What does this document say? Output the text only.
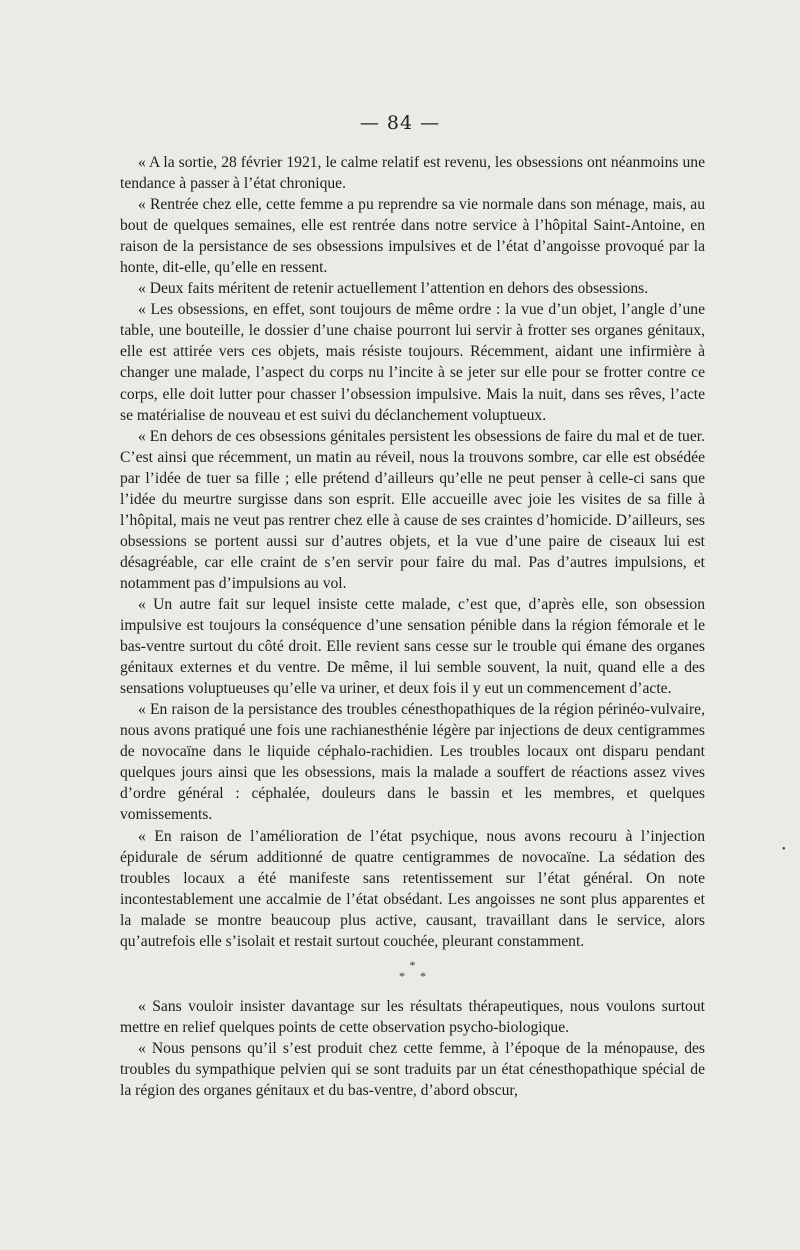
— 84 —

« A la sortie, 28 février 1921, le calme relatif est revenu, les obsessions ont néanmoins une tendance à passer à l’état chronique.

« Rentrée chez elle, cette femme a pu reprendre sa vie normale dans son ménage, mais, au bout de quelques semaines, elle est rentrée dans notre service à l’hôpital Saint-Antoine, en raison de la persistance de ses obsessions impulsives et de l’état d’angoisse provoqué par la honte, dit-elle, qu’elle en ressent.

« Deux faits méritent de retenir actuellement l’attention en dehors des obsessions.

« Les obsessions, en effet, sont toujours de même ordre : la vue d’un objet, l’angle d’une table, une bouteille, le dossier d’une chaise pourront lui servir à frotter ses organes génitaux, elle est attirée vers ces objets, mais résiste toujours. Récemment, aidant une infirmière à changer une malade, l’aspect du corps nu l’incite à se jeter sur elle pour se frotter contre ce corps, elle doit lutter pour chasser l’obsession impulsive. Mais la nuit, dans ses rêves, l’acte se matérialise de nouveau et est suivi du déclanchement voluptueux.

« En dehors de ces obsessions génitales persistent les obsessions de faire du mal et de tuer. C’est ainsi que récemment, un matin au réveil, nous la trouvons sombre, car elle est obsédée par l’idée de tuer sa fille ; elle prétend d’ailleurs qu’elle ne peut penser à celle-ci sans que l’idée du meurtre surgisse dans son esprit. Elle accueille avec joie les visites de sa fille à l’hôpital, mais ne veut pas rentrer chez elle à cause de ses craintes d’homicide. D’ailleurs, ses obsessions se portent aussi sur d’autres objets, et la vue d’une paire de ciseaux lui est désagréable, car elle craint de s’en servir pour faire du mal. Pas d’autres impulsions, et notamment pas d’impulsions au vol.

« Un autre fait sur lequel insiste cette malade, c’est que, d’après elle, son obsession impulsive est toujours la conséquence d’une sensation pénible dans la région fémorale et le bas-ventre surtout du côté droit. Elle revient sans cesse sur le trouble qui émane des organes génitaux externes et du ventre. De même, il lui semble souvent, la nuit, quand elle a des sensations voluptueuses qu’elle va uriner, et deux fois il y eut un commencement d’acte.

« En raison de la persistance des troubles cénesthopathiques de la région périnéo-vulvaire, nous avons pratiqué une fois une rachianesthénie légère par injections de deux centigrammes de novocaïne dans le liquide céphalo-rachidien. Les troubles locaux ont disparu pendant quelques jours ainsi que les obsessions, mais la malade a souffert de réactions assez vives d’ordre général : céphalée, douleurs dans le bassin et les membres, et quelques vomissements.

« En raison de l’amélioration de l’état psychique, nous avons recouru à l’injection épidurale de sérum additionné de quatre centigrammes de novocaïne. La sédation des troubles locaux a été manifeste sans retentissement sur l’état général. On note incontestablement une accalmie de l’état obsédant. Les angoisses ne sont plus apparentes et la malade se montre beaucoup plus active, causant, travaillant dans le service, alors qu’autrefois elle s’isolait et restait surtout couchée, pleurant constamment.

*
* *

« Sans vouloir insister davantage sur les résultats thérapeutiques, nous voulons surtout mettre en relief quelques points de cette observation psycho-biologique.

« Nous pensons qu’il s’est produit chez cette femme, à l’époque de la ménopause, des troubles du sympathique pelvien qui se sont traduits par un état cénesthopathique spécial de la région des organes génitaux et du bas-ventre, d’abord obscur,

•
